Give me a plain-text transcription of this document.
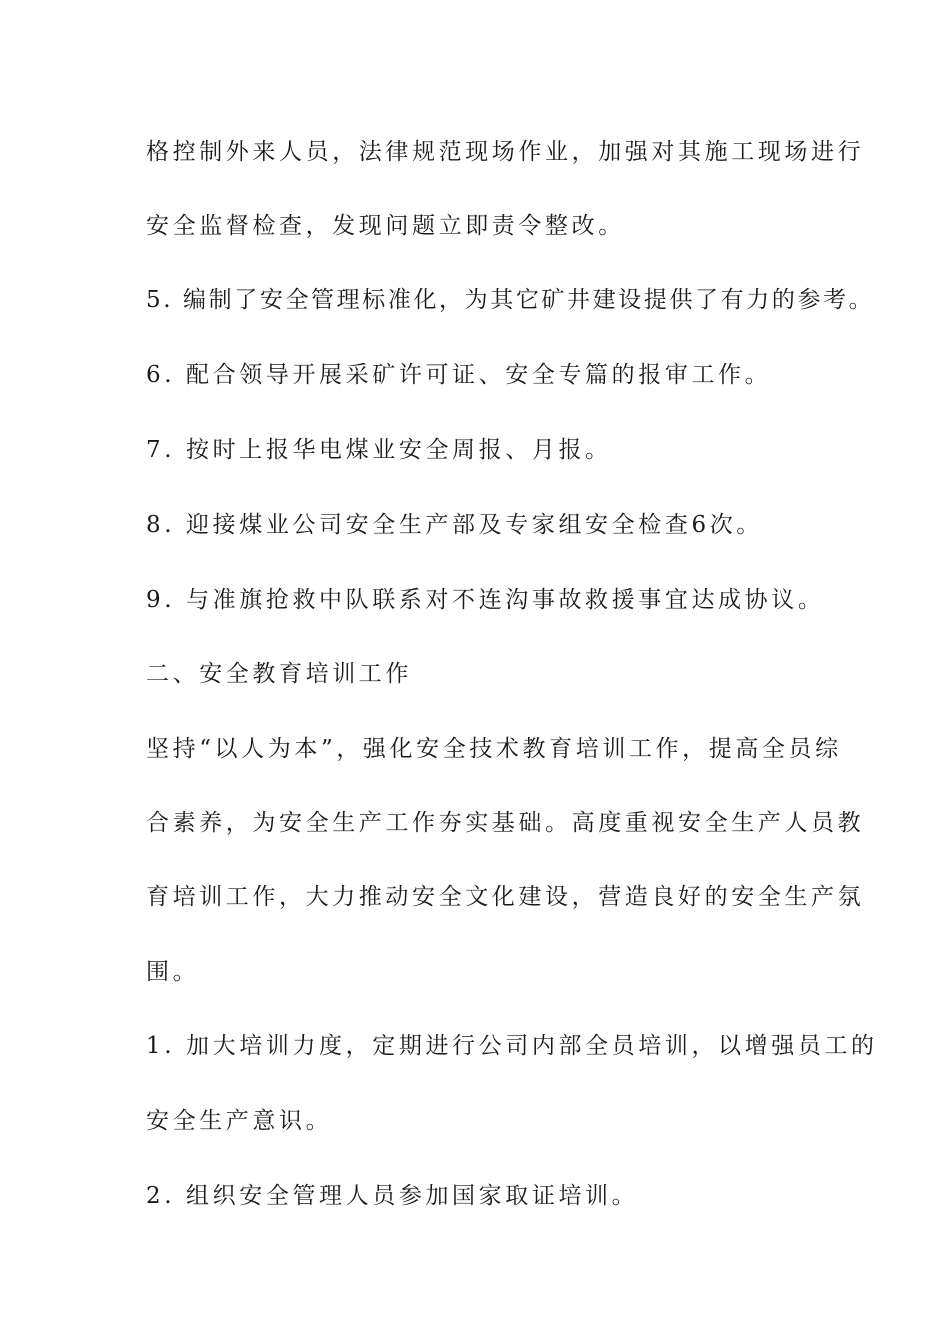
格控制外来人员，法律规范现场作业，加强对其施工现场进行
安全监督检查，发现问题立即责令整改。
5. 编制了安全管理标准化，为其它矿井建设提供了有力的参考。
6. 配合领导开展采矿许可证、安全专篇的报审工作。
7. 按时上报华电煤业安全周报、月报。
8. 迎接煤业公司安全生产部及专家组安全检查6次。
9. 与准旗抢救中队联系对不连沟事故救援事宜达成协议。
二、安全教育培训工作
坚持“以人为本”，强化安全技术教育培训工作，提高全员综
合素养，为安全生产工作夯实基础。高度重视安全生产人员教
育培训工作，大力推动安全文化建设，营造良好的安全生产氛
围。
1. 加大培训力度，定期进行公司内部全员培训，以增强员工的
安全生产意识。
2. 组织安全管理人员参加国家取证培训。
